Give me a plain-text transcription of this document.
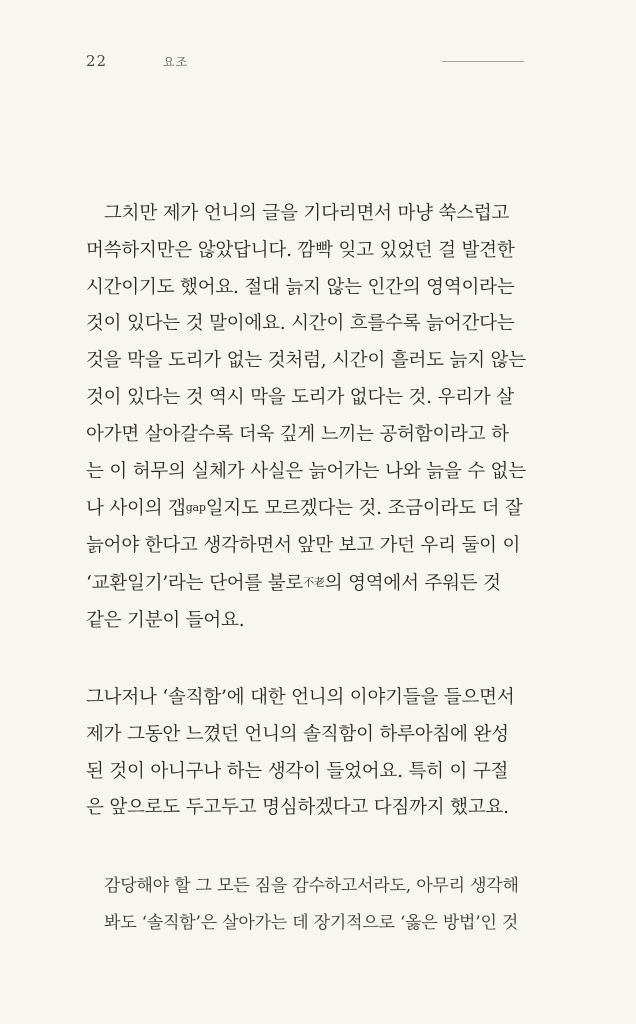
22	요조
그치만 제가 언니의 글을 기다리면서 마냥 쑥스럽고
머쓱하지만은 않았답니다. 깜빡 잊고 있었던 걸 발견한
시간이기도 했어요. 절대 늙지 않는 인간의 영역이라는
것이 있다는 것 말이에요. 시간이 흐를수록 늙어간다는
것을 막을 도리가 없는 것처럼, 시간이 흘러도 늙지 않는
것이 있다는 것 역시 막을 도리가 없다는 것. 우리가 살
아가면 살아갈수록 더욱 깊게 느끼는 공허함이라고 하
는 이 허무의 실체가 사실은 늙어가는 나와 늙을 수 없는
나 사이의 갭gap일지도 모르겠다는 것. 조금이라도 더 잘
늙어야 한다고 생각하면서 앞만 보고 가던 우리 둘이 이
‘교환일기’라는 단어를 불로不老의 영역에서 주워든 것
같은 기분이 들어요.
그나저나 ‘솔직함’에 대한 언니의 이야기들을 들으면서
제가 그동안 느꼈던 언니의 솔직함이 하루아침에 완성
된 것이 아니구나 하는 생각이 들었어요. 특히 이 구절
은 앞으로도 두고두고 명심하겠다고 다짐까지 했고요.
감당해야 할 그 모든 짐을 감수하고서라도, 아무리 생각해
봐도 ‘솔직함’은 살아가는 데 장기적으로 ‘옳은 방법’인 것
